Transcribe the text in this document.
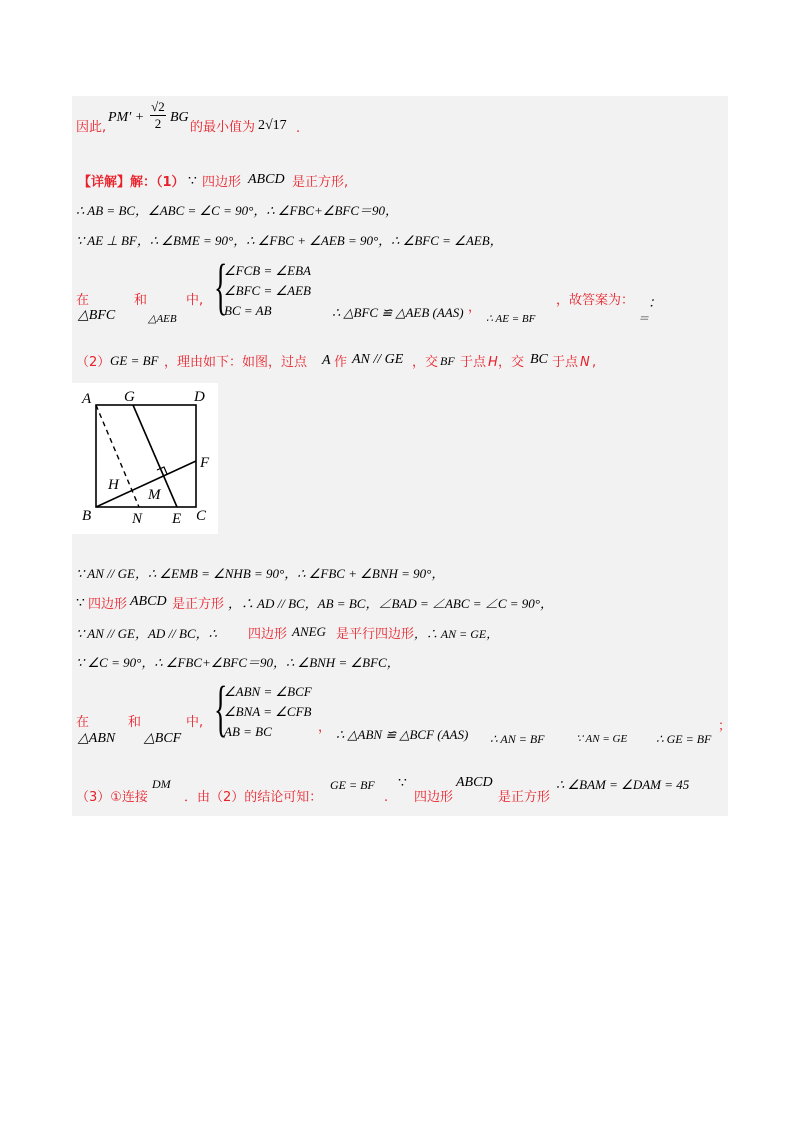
因此,
$PM' + \frac{√2}{2}$ BG
的最小值为 2√17 .
【详解】解：（1） ∵ 四边形 ABCD 是正方形,
∴ AB = BC，∠ABC = ∠C = 90°，∴ ∠FBC+∠BFC＝90，
∵ AE ⊥ BF，∴ ∠BME = 90°，∴ ∠FBC + ∠AEB = 90°，∴ ∠BFC = ∠AEB，
在
△BFC
和
△AEB
中, {
∠FCB = ∠EBA
∠BFC = ∠AEB
BC = AB	∴ △BFC ≌ △AEB (AAS) ，
∴ AE = BF
，故答案为： ：
＝
（2） GE = BF ，理由如下：如图，过点 A 作 AN // GE ，交 BF 于点 H ，交 BC 于点 N ,
A G	D
F
H
M
B	N E C
∵ AN // GE，∴ ∠EMB = ∠NHB = 90°，∴ ∠FBC + ∠BNH = 90°，
∵ 四边形 ABCD 是正方形 ，∴ AD // BC，AB = BC，∠BAD = ∠ABC = ∠C = 90°，
∵ AN // GE，AD // BC，∴ 四边形 ANEG 是平行四边形 ，∴ AN = GE，
∵ ∠C = 90°，∴ ∠FBC+∠BFC＝90，∴ ∠BNH = ∠BFC，
在
△ABN
和
△BCF
中, {
∠ABN = ∠BCF
∠BNA = ∠CFB
AB = BC	， ∴ △ABN ≌ △BCF (AAS) ∴ AN = BF	∵ AN = GE ∴ GE = BF
；
（3）①连接
DM
．由（2）的结论可知：
GE = BF
.
∵
四边形
ABCD
是正方形
∴ ∠BAM = ∠DAM = 45
